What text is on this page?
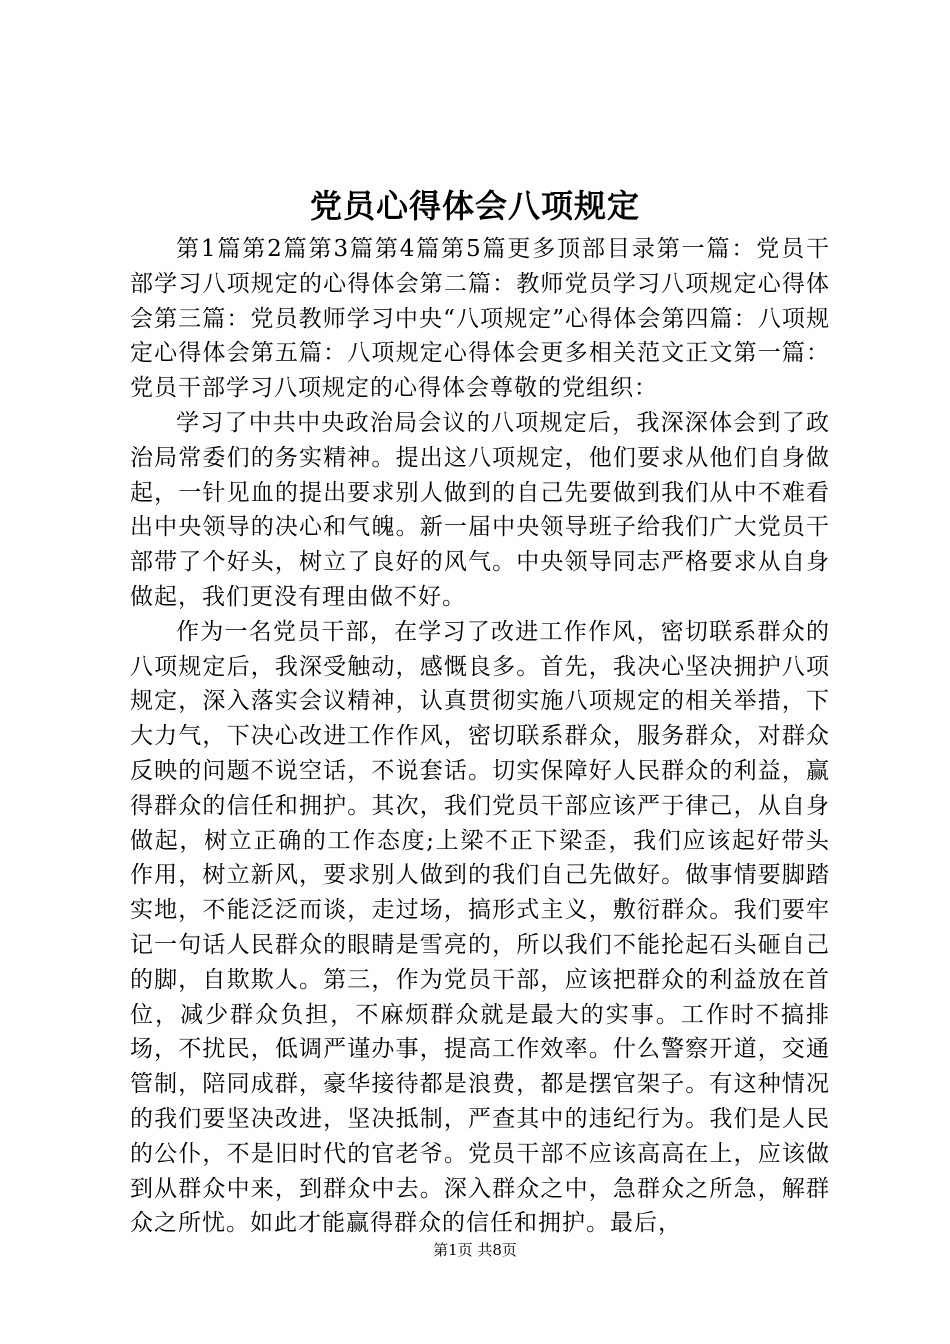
党员心得体会八项规定

第1篇第2篇第3篇第4篇第5篇更多顶部目录第一篇：党员干部学习八项规定的心得体会第二篇：教师党员学习八项规定心得体会第三篇：党员教师学习中央“八项规定”心得体会第四篇：八项规定心得体会第五篇：八项规定心得体会更多相关范文正文第一篇：党员干部学习八项规定的心得体会尊敬的党组织：

学习了中共中央政治局会议的八项规定后，我深深体会到了政治局常委们的务实精神。提出这八项规定，他们要求从他们自身做起，一针见血的提出要求别人做到的自己先要做到我们从中不难看出中央领导的决心和气魄。新一届中央领导班子给我们广大党员干部带了个好头，树立了良好的风气。中央领导同志严格要求从自身做起，我们更没有理由做不好。

作为一名党员干部，在学习了改进工作作风，密切联系群众的八项规定后，我深受触动，感慨良多。首先，我决心坚决拥护八项规定，深入落实会议精神，认真贯彻实施八项规定的相关举措，下大力气，下决心改进工作作风，密切联系群众，服务群众，对群众反映的问题不说空话，不说套话。切实保障好人民群众的利益，赢得群众的信任和拥护。其次，我们党员干部应该严于律己，从自身做起，树立正确的工作态度;上梁不正下梁歪，我们应该起好带头作用，树立新风，要求别人做到的我们自己先做好。做事情要脚踏实地，不能泛泛而谈，走过场，搞形式主义，敷衍群众。我们要牢记一句话人民群众的眼睛是雪亮的，所以我们不能抡起石头砸自己的脚，自欺欺人。第三，作为党员干部，应该把群众的利益放在首位，减少群众负担，不麻烦群众就是最大的实事。工作时不搞排场，不扰民，低调严谨办事，提高工作效率。什么警察开道，交通管制，陪同成群，豪华接待都是浪费，都是摆官架子。有这种情况的我们要坚决改进，坚决抵制，严查其中的违纪行为。我们是人民的公仆，不是旧时代的官老爷。党员干部不应该高高在上，应该做到从群众中来，到群众中去。深入群众之中，急群众之所急，解群众之所忧。如此才能赢得群众的信任和拥护。最后，

第1页 共8页
